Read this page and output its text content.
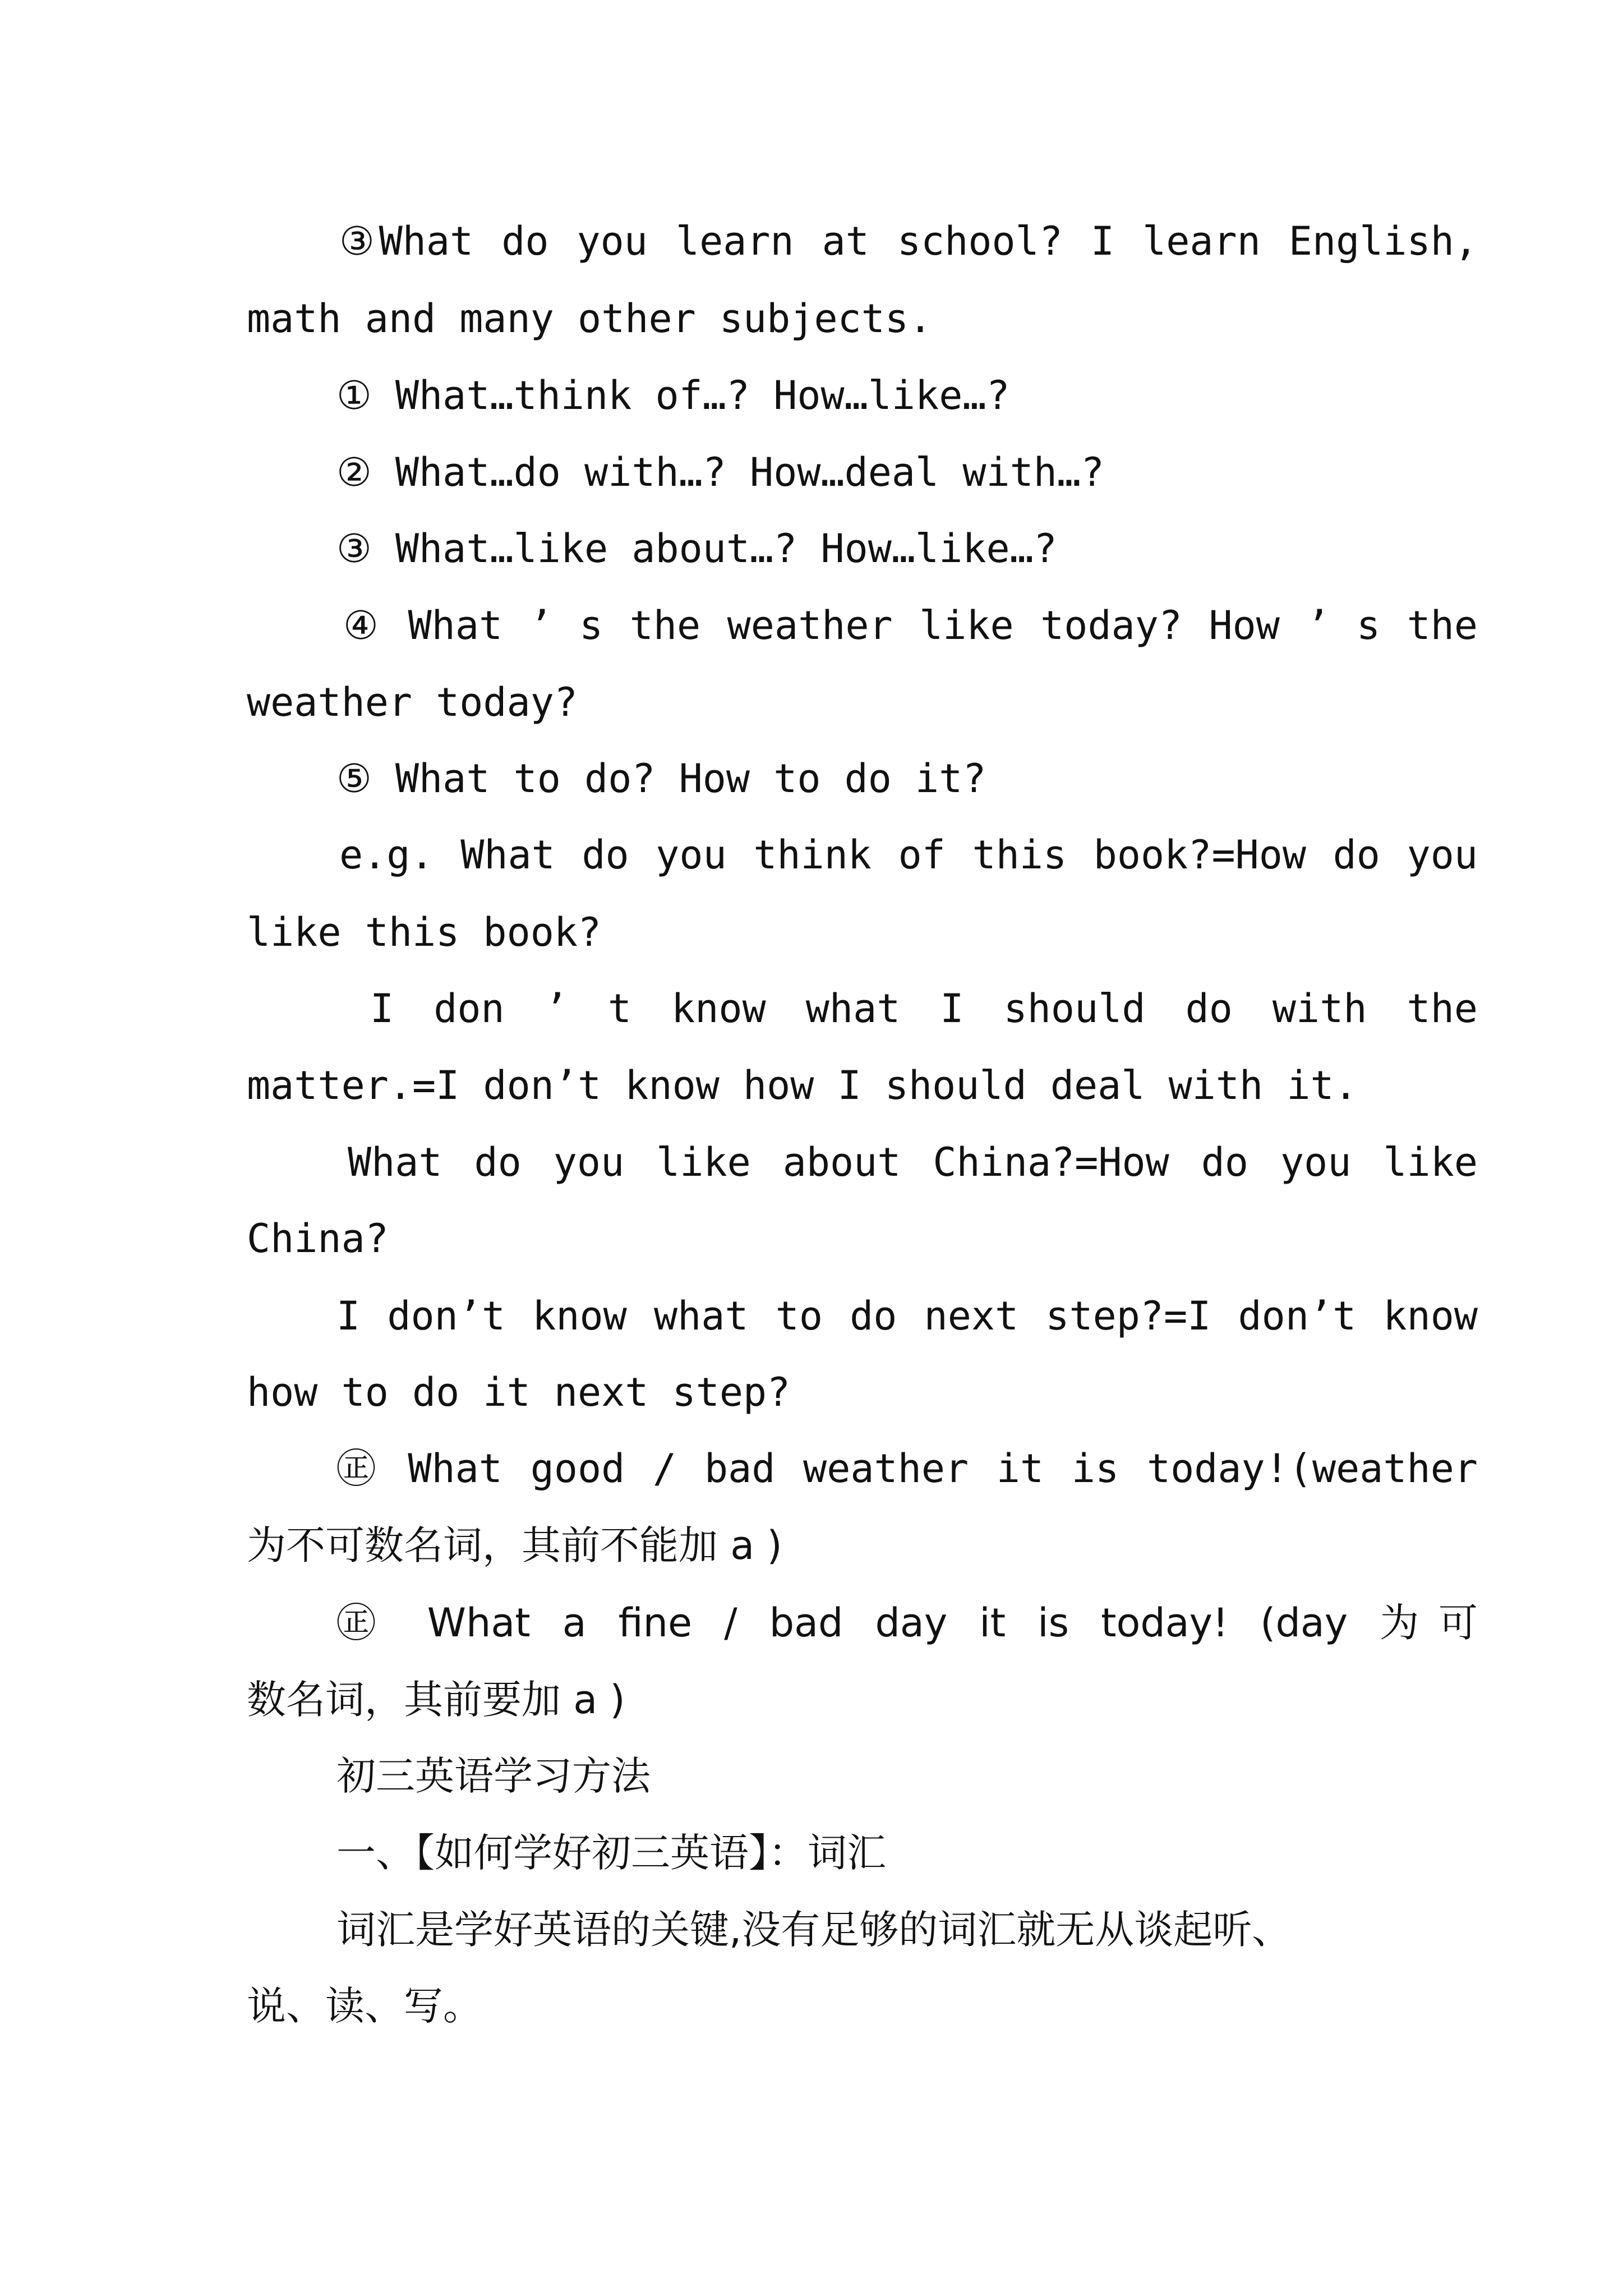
③What do you learn at school? I learn English,

math and many other subjects.

① What…think of…? How…like…?

② What…do with…? How…deal with…?

③ What…like about…? How…like…?

④ What ’ s the weather like today? How ’ s the

weather today?

⑤ What to do? How to do it?

e.g. What do you think of this book?=How do you

like this book?

I don ’ t know what I should do with the

matter.=I don’t know how I should deal with it.

What do you like about China?=How do you like

China?

I don’t know what to do next step?=I don’t know

how to do it next step?

㊣ What good / bad weather it is today!(weather

为不可数名词，其前不能加 a )

㊣ What a fine / bad day it is today! (day 为可

数名词，其前要加 a )

初三英语学习方法

一、【如何学好初三英语】：词汇

词汇是学好英语的关键,没有足够的词汇就无从谈起听、

说、读、写。
